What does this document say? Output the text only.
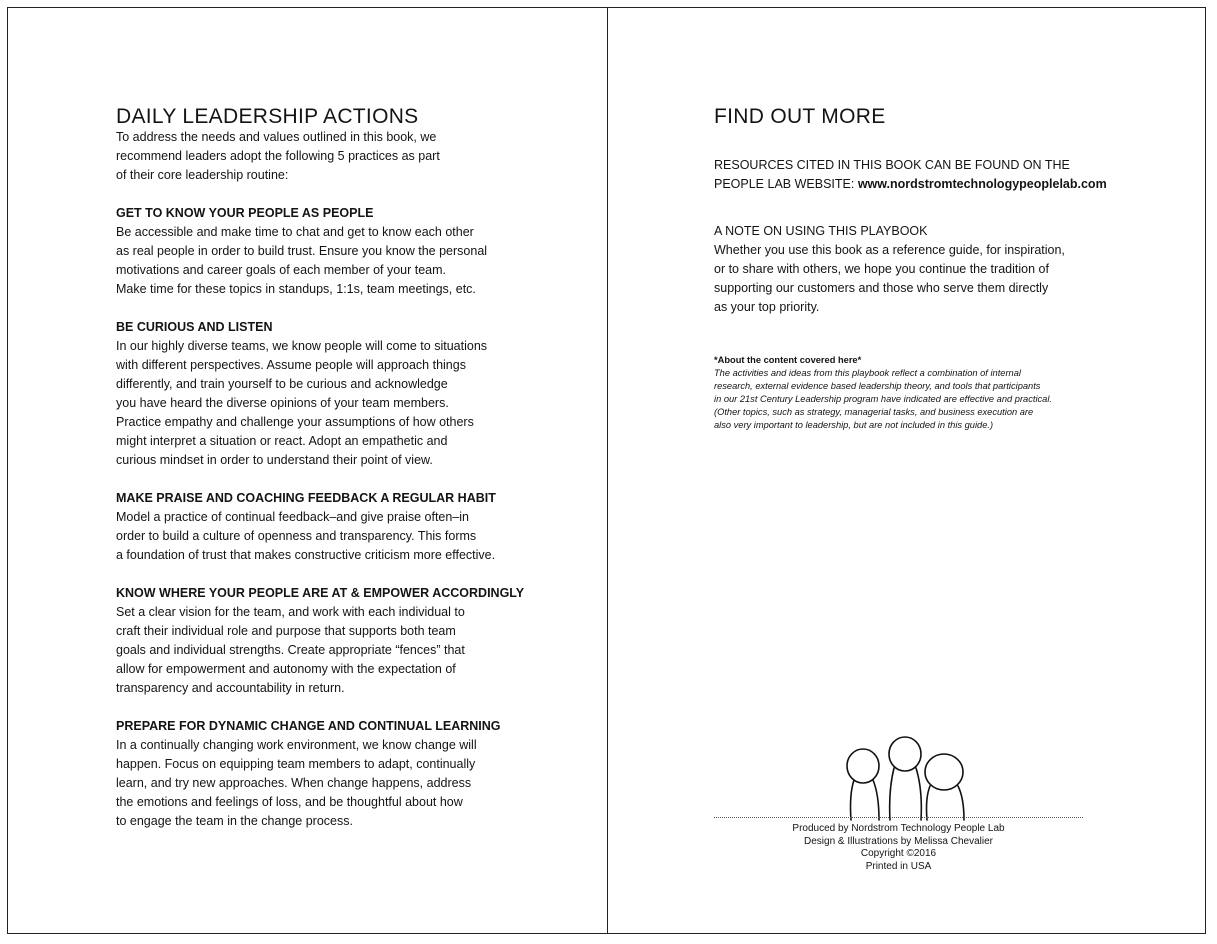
DAILY LEADERSHIP ACTIONS

To address the needs and values outlined in this book, we
recommend leaders adopt the following 5 practices as part
of their core leadership routine:

GET TO KNOW YOUR PEOPLE AS PEOPLE

Be accessible and make time to chat and get to know each other
as real people in order to build trust. Ensure you know the personal
motivations and career goals of each member of your team.
Make time for these topics in standups, 1:1s, team meetings, etc.

BE CURIOUS AND LISTEN

In our highly diverse teams, we know people will come to situations
with different perspectives. Assume people will approach things
differently, and train yourself to be curious and acknowledge
you have heard the diverse opinions of your team members.
Practice empathy and challenge your assumptions of how others
might interpret a situation or react. Adopt an empathetic and
curious mindset in order to understand their point of view.

MAKE PRAISE AND COACHING FEEDBACK A REGULAR HABIT

Model a practice of continual feedback–and give praise often–in
order to build a culture of openness and transparency. This forms
a foundation of trust that makes constructive criticism more effective.

KNOW WHERE YOUR PEOPLE ARE AT & EMPOWER ACCORDINGLY

Set a clear vision for the team, and work with each individual to
craft their individual role and purpose that supports both team
goals and individual strengths. Create appropriate “fences” that
allow for empowerment and autonomy with the expectation of
transparency and accountability in return.

PREPARE FOR DYNAMIC CHANGE AND CONTINUAL LEARNING

In a continually changing work environment, we know change will
happen. Focus on equipping team members to adapt, continually
learn, and try new approaches. When change happens, address
the emotions and feelings of loss, and be thoughtful about how
to engage the team in the change process.

FIND OUT MORE

RESOURCES CITED IN THIS BOOK CAN BE FOUND ON THE
PEOPLE LAB WEBSITE: www.nordstromtechnologypeoplelab.com

A NOTE ON USING THIS PLAYBOOK

Whether you use this book as a reference guide, for inspiration,
or to share with others, we hope you continue the tradition of
supporting our customers and those who serve them directly
as your top priority.

*About the content covered here*

The activities and ideas from this playbook reflect a combination of internal
research, external evidence based leadership theory, and tools that participants
in our 21st Century Leadership program have indicated are effective and practical.
(Other topics, such as strategy, managerial tasks, and business execution are
also very important to leadership, but are not included in this guide.)

Produced by Nordstrom Technology People Lab
Design & Illustrations by Melissa Chevalier
Copyright ©2016
Printed in USA
